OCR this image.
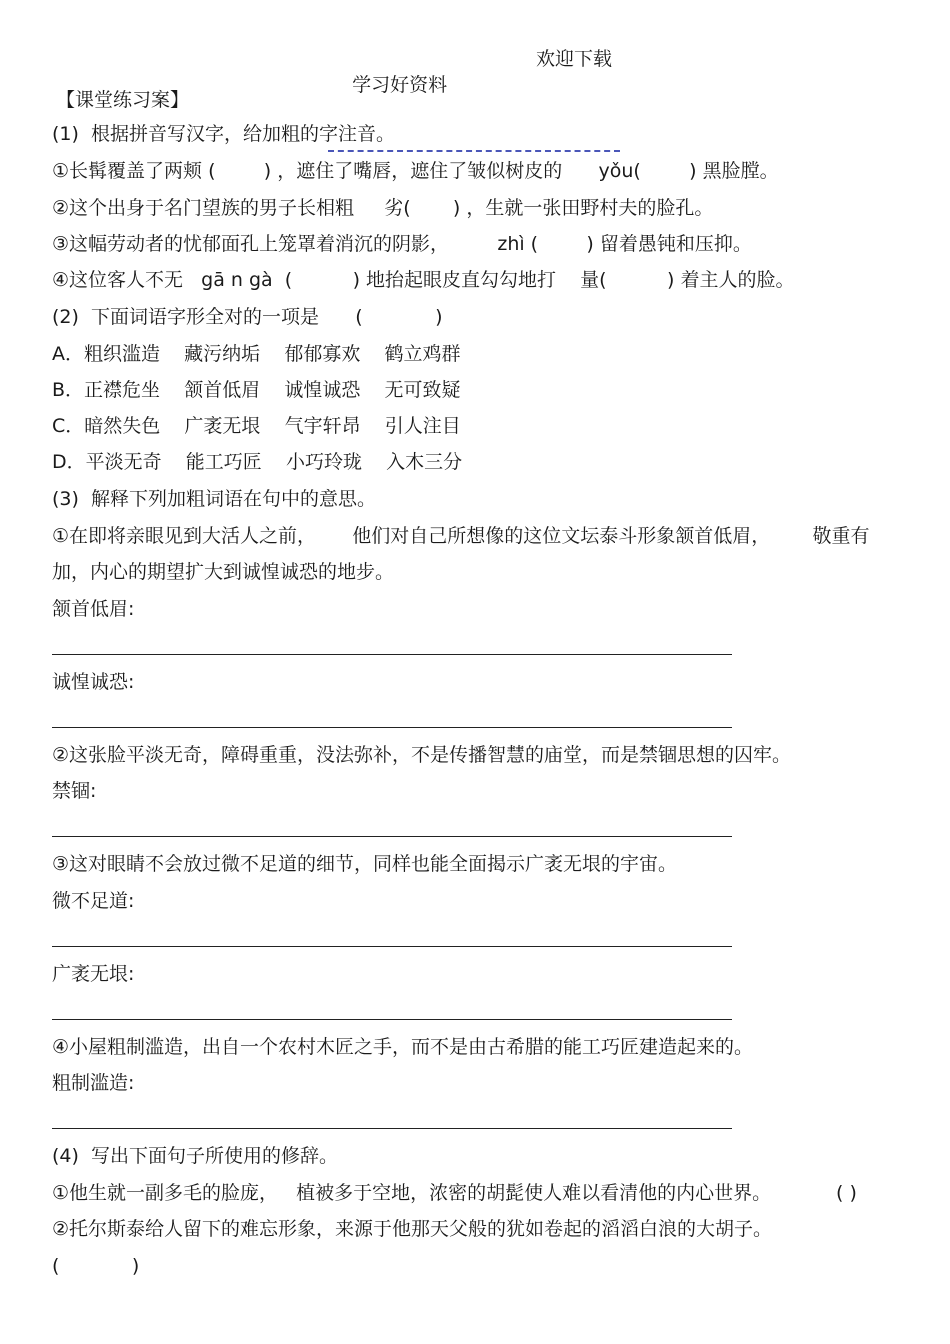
学习好资料

欢迎下载

【课堂练习案】
(1)  根据拼音写汉字，给加粗的字注音。
①长髯覆盖了两颊 (        ) ，遮住了嘴唇，遮住了皱似树皮的      yǒu(        ) 黑脸膛。
②这个出身于名门望族的男子长相粗     劣(       ) ，生就一张田野村夫的脸孔。
③这幅劳动者的忧郁面孔上笼罩着消沉的阴影，        zhì (        ) 留着愚钝和压抑。
④这位客人不无   gā n gà  (          ) 地抬起眼皮直勾勾地打    量(          ) 着主人的脸。
(2)  下面词语字形全对的一项是      (            )
A．粗织滥造    藏污纳垢    郁郁寡欢    鹤立鸡群
B．正襟危坐    颔首低眉    诚惶诚恐    无可致疑
C．暗然失色    广袤无垠    气宇轩昂    引人注目
D．平淡无奇    能工巧匠    小巧玲珑    入木三分
(3)  解释下列加粗词语在句中的意思。
①在即将亲眼见到大活人之前，      他们对自己所想像的这位文坛泰斗形象颔首低眉，       敬重有
加，内心的期望扩大到诚惶诚恐的地步。
颔首低眉:
诚惶诚恐:
②这张脸平淡无奇，障碍重重，没法弥补，不是传播智慧的庙堂，而是禁锢思想的囚牢。
禁锢:
③这对眼睛不会放过微不足道的细节，同样也能全面揭示广袤无垠的宇宙。
微不足道:
广袤无垠:
④小屋粗制滥造，出自一个农村木匠之手，而不是由古希腊的能工巧匠建造起来的。
粗制滥造:
(4)  写出下面句子所使用的修辞。
①他生就一副多毛的脸庞，   植被多于空地，浓密的胡髭使人难以看清他的内心世界。	( )
②托尔斯泰给人留下的难忘形象，来源于他那天父般的犹如卷起的滔滔白浪的大胡子。
(            )
